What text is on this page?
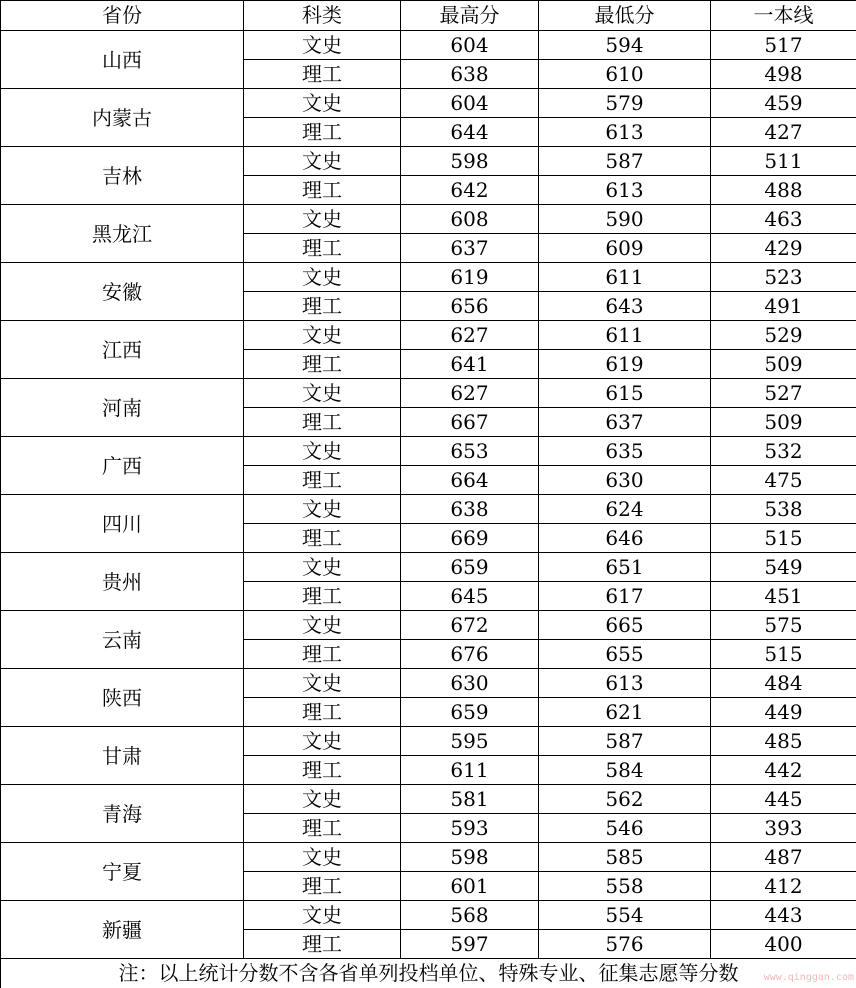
省份	科类	最高分	最低分	一本线
山西	文史	604	594	517
	理工	638	610	498
内蒙古	文史	604	579	459
	理工	644	613	427
吉林	文史	598	587	511
	理工	642	613	488
黑龙江	文史	608	590	463
	理工	637	609	429
安徽	文史	619	611	523
	理工	656	643	491
江西	文史	627	611	529
	理工	641	619	509
河南	文史	627	615	527
	理工	667	637	509
广西	文史	653	635	532
	理工	664	630	475
四川	文史	638	624	538
	理工	669	646	515
贵州	文史	659	651	549
	理工	645	617	451
云南	文史	672	665	575
	理工	676	655	515
陕西	文史	630	613	484
	理工	659	621	449
甘肃	文史	595	587	485
	理工	611	584	442
青海	文史	581	562	445
	理工	593	546	393
宁夏	文史	598	585	487
	理工	601	558	412
新疆	文史	568	554	443
	理工	597	576	400
注：以上统计分数不含各省单列投档单位、特殊专业、征集志愿等分数					www.qinggan.com
